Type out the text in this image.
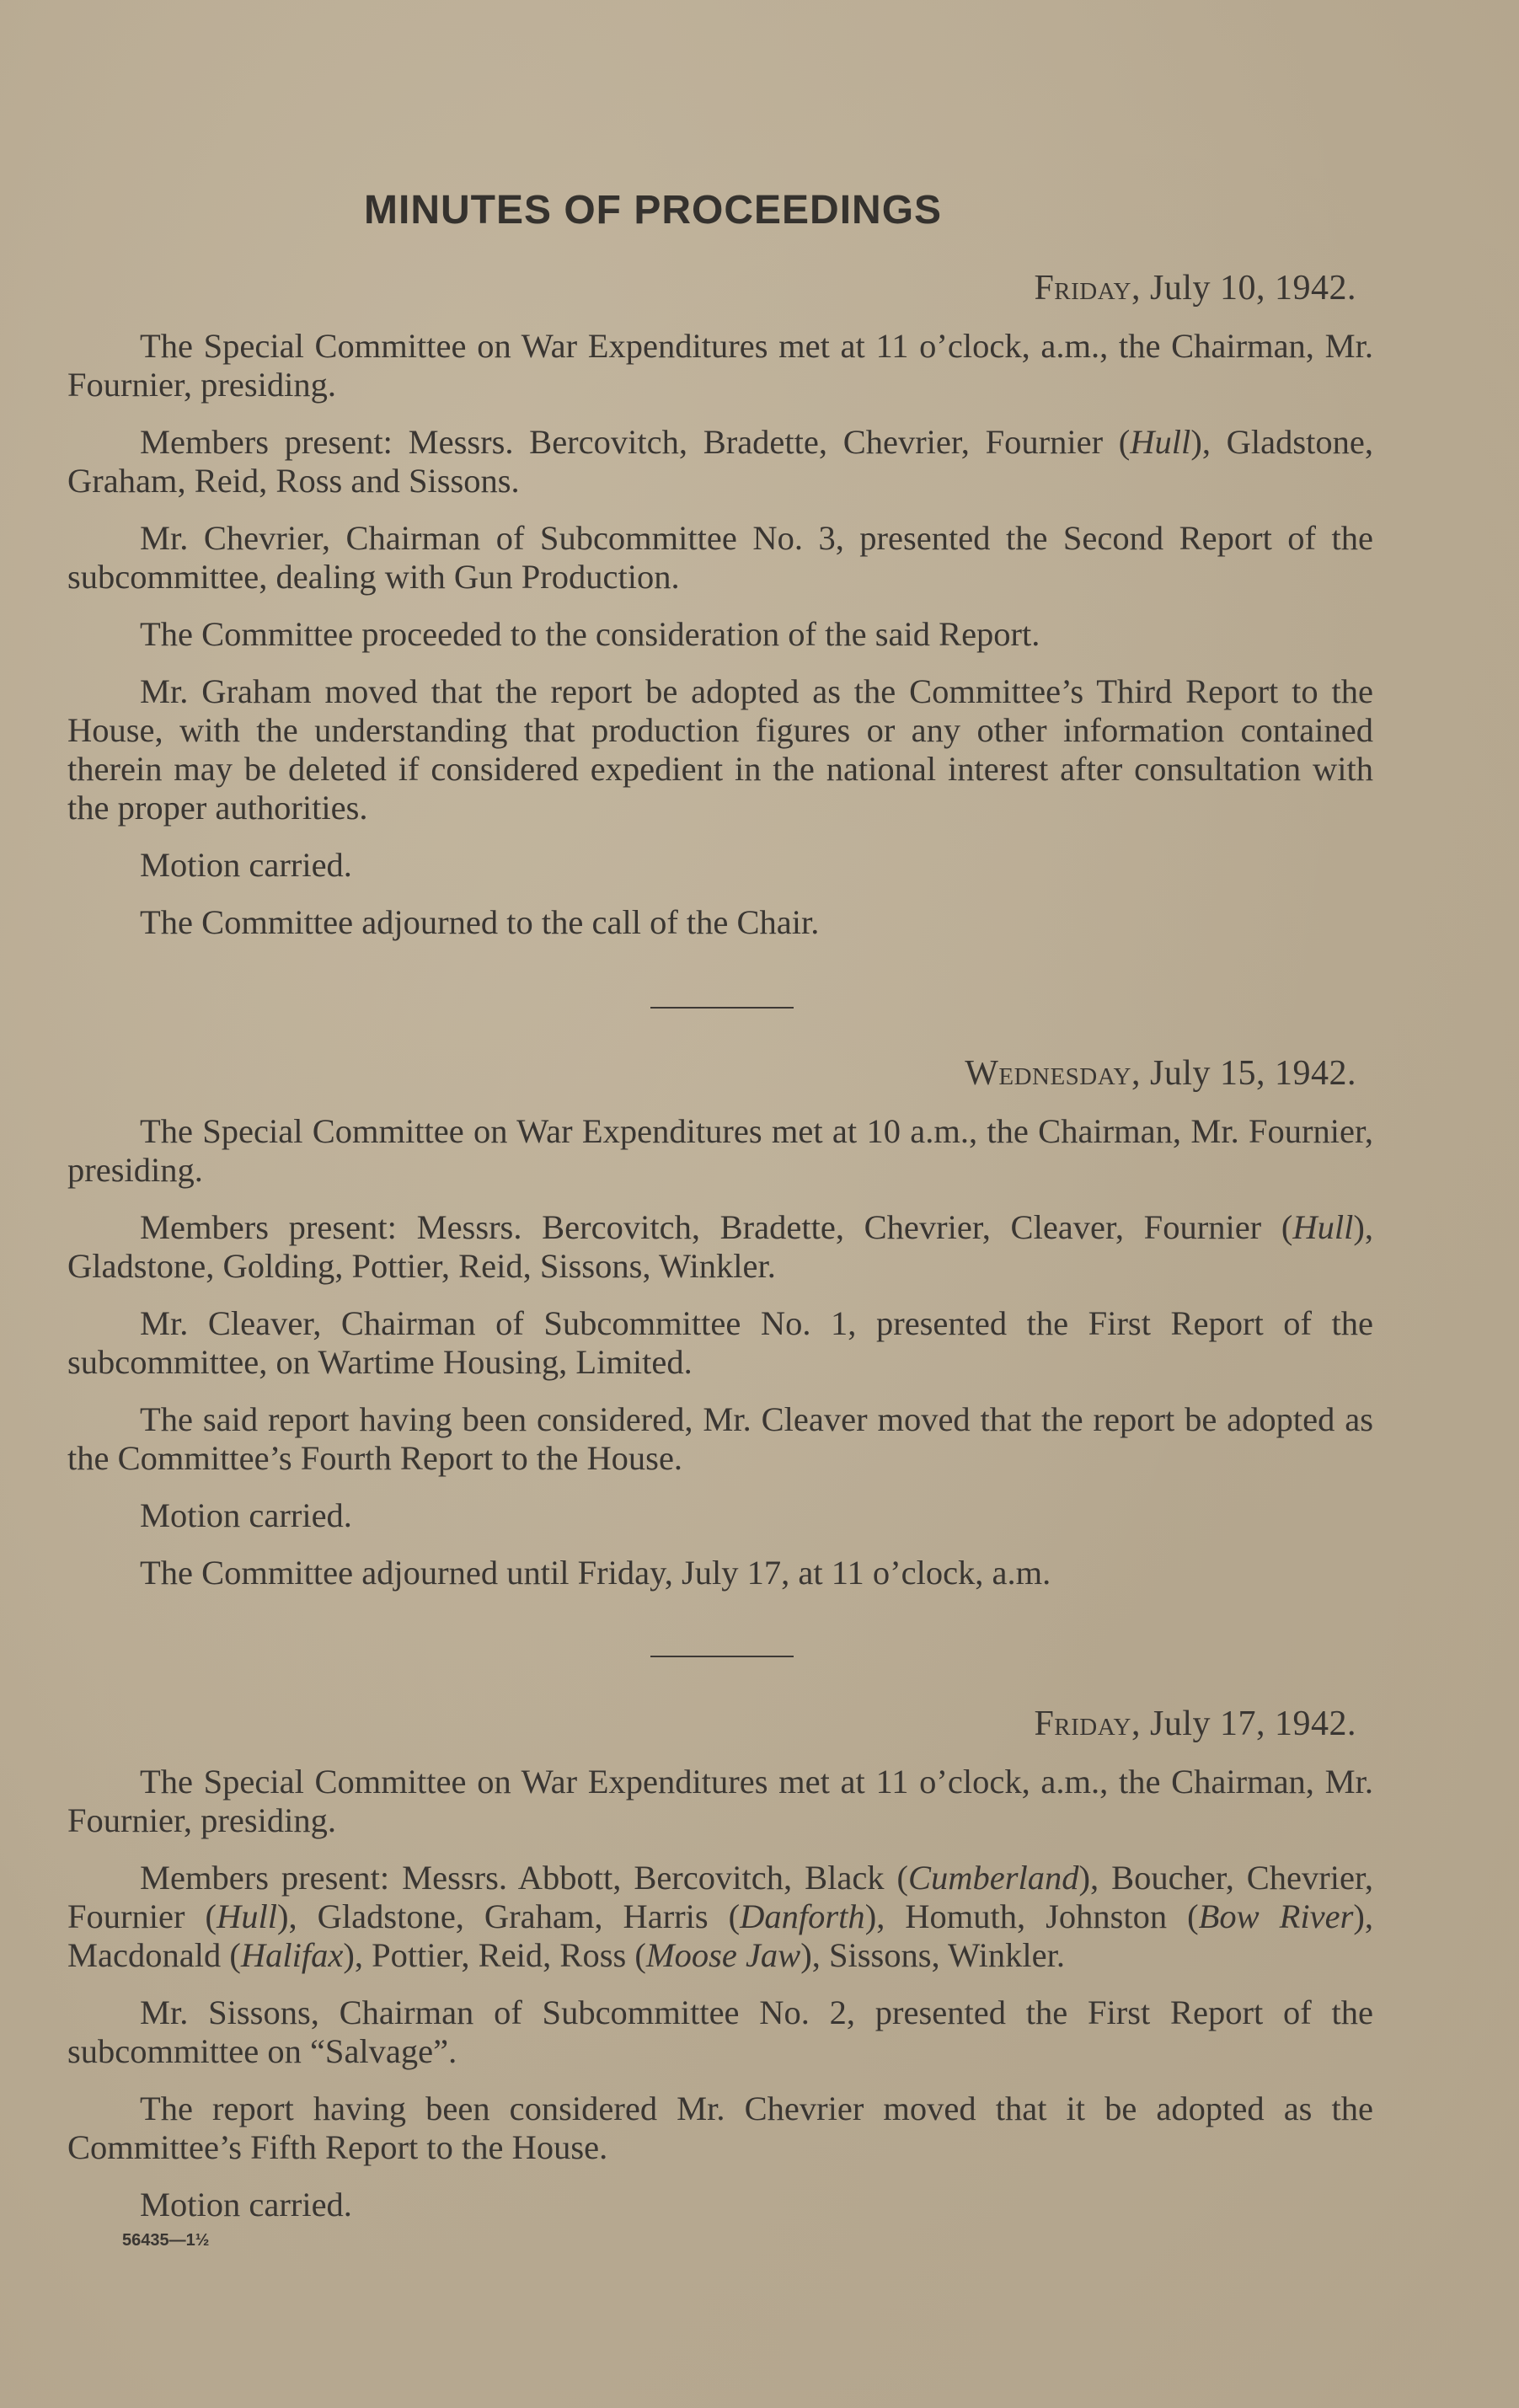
MINUTES OF PROCEEDINGS
Friday, July 10, 1942.

The Special Committee on War Expenditures met at 11 o’clock, a.m., the Chairman, Mr. Fournier, presiding.

Members present: Messrs. Bercovitch, Bradette, Chevrier, Fournier (Hull), Gladstone, Graham, Reid, Ross and Sissons.

Mr. Chevrier, Chairman of Subcommittee No. 3, presented the Second Report of the subcommittee, dealing with Gun Production.

The Committee proceeded to the consideration of the said Report.

Mr. Graham moved that the report be adopted as the Committee’s Third Report to the House, with the understanding that production figures or any other information contained therein may be deleted if considered expedient in the national interest after consultation with the proper authorities.

Motion carried.

The Committee adjourned to the call of the Chair.

Wednesday, July 15, 1942.

The Special Committee on War Expenditures met at 10 a.m., the Chairman, Mr. Fournier, presiding.

Members present: Messrs. Bercovitch, Bradette, Chevrier, Cleaver, Fournier (Hull), Gladstone, Golding, Pottier, Reid, Sissons, Winkler.

Mr. Cleaver, Chairman of Subcommittee No. 1, presented the First Report of the subcommittee, on Wartime Housing, Limited.

The said report having been considered, Mr. Cleaver moved that the report be adopted as the Committee’s Fourth Report to the House.

Motion carried.

The Committee adjourned until Friday, July 17, at 11 o’clock, a.m.

Friday, July 17, 1942.

The Special Committee on War Expenditures met at 11 o’clock, a.m., the Chairman, Mr. Fournier, presiding.

Members present: Messrs. Abbott, Bercovitch, Black (Cumberland), Boucher, Chevrier, Fournier (Hull), Gladstone, Graham, Harris (Danforth), Homuth, Johnston (Bow River), Macdonald (Halifax), Pottier, Reid, Ross (Moose Jaw), Sissons, Winkler.

Mr. Sissons, Chairman of Subcommittee No. 2, presented the First Report of the subcommittee on “Salvage”.

The report having been considered Mr. Chevrier moved that it be adopted as the Committee’s Fifth Report to the House.

Motion carried.

56435—1½
